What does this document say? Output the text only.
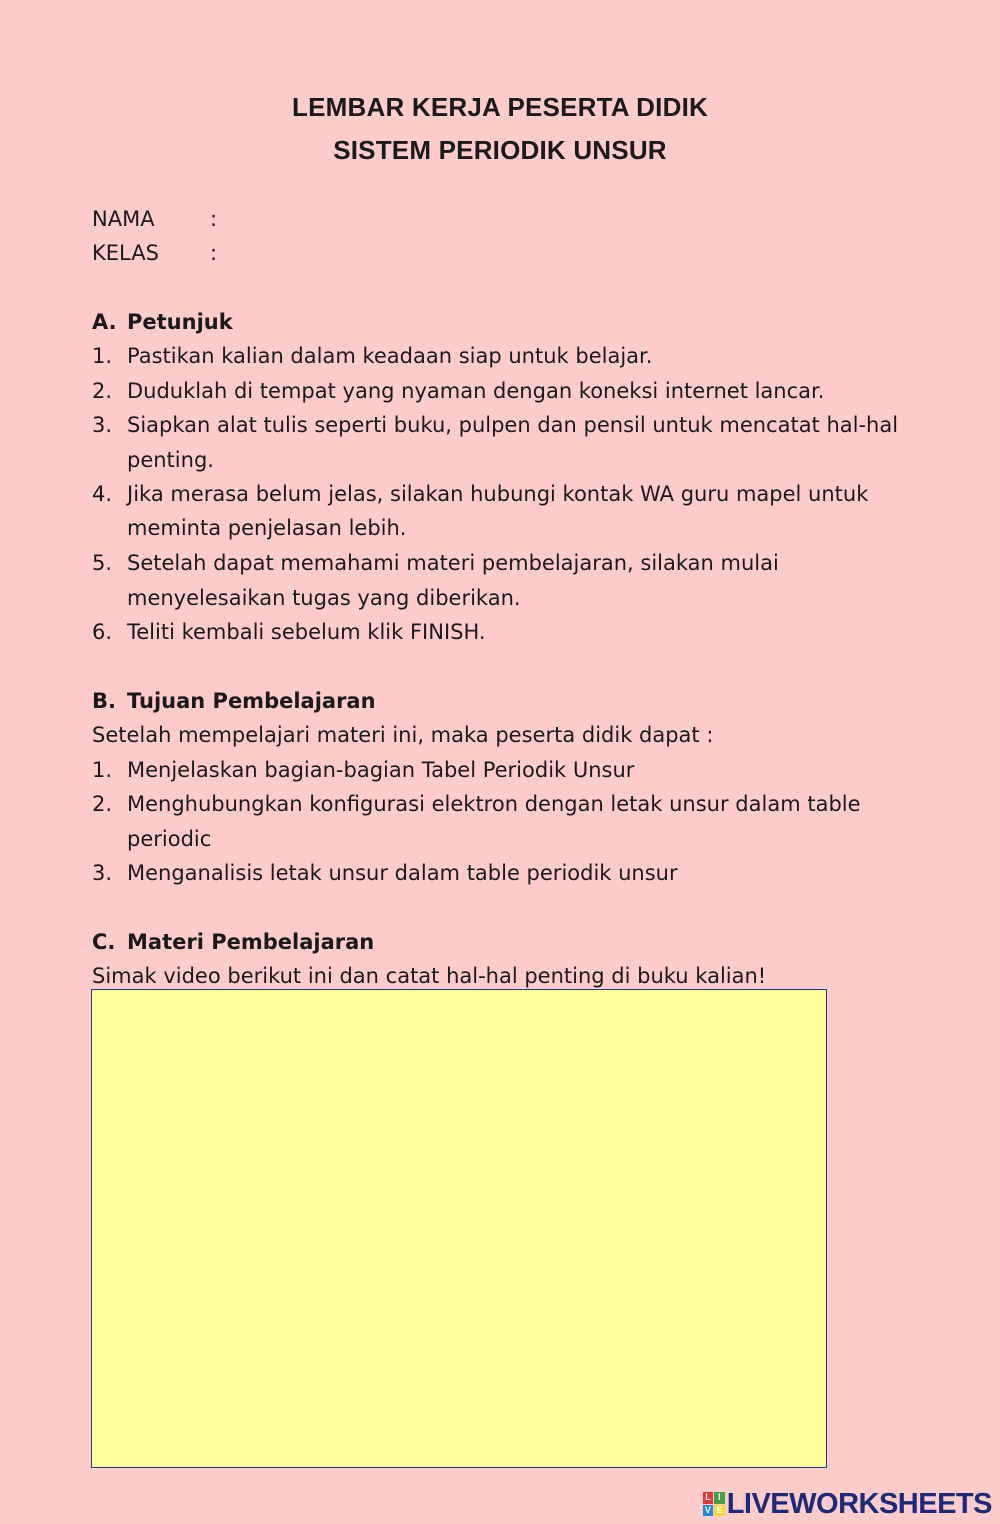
LEMBAR KERJA PESERTA DIDIK
SISTEM PERIODIK UNSUR
NAMA	:
KELAS :
A. Petunjuk
1. Pastikan kalian dalam keadaan siap untuk belajar.
2. Duduklah di tempat yang nyaman dengan koneksi internet lancar.
3. Siapkan alat tulis seperti buku, pulpen dan pensil untuk mencatat hal-hal
penting.
4. Jika merasa belum jelas, silakan hubungi kontak WA guru mapel untuk
meminta penjelasan lebih.
5. Setelah dapat memahami materi pembelajaran, silakan mulai
menyelesaikan tugas yang diberikan.
6. Teliti kembali sebelum klik FINISH.
B. Tujuan Pembelajaran
Setelah mempelajari materi ini, maka peserta didik dapat :
1. Menjelaskan bagian-bagian Tabel Periodik Unsur
2. Menghubungkan konfigurasi elektron dengan letak unsur dalam table
periodic
3. Menganalisis letak unsur dalam table periodik unsur
C. Materi Pembelajaran
Simak video berikut ini dan catat hal-hal penting di buku kalian!
L I
V E LIVEWORKSHEETS
